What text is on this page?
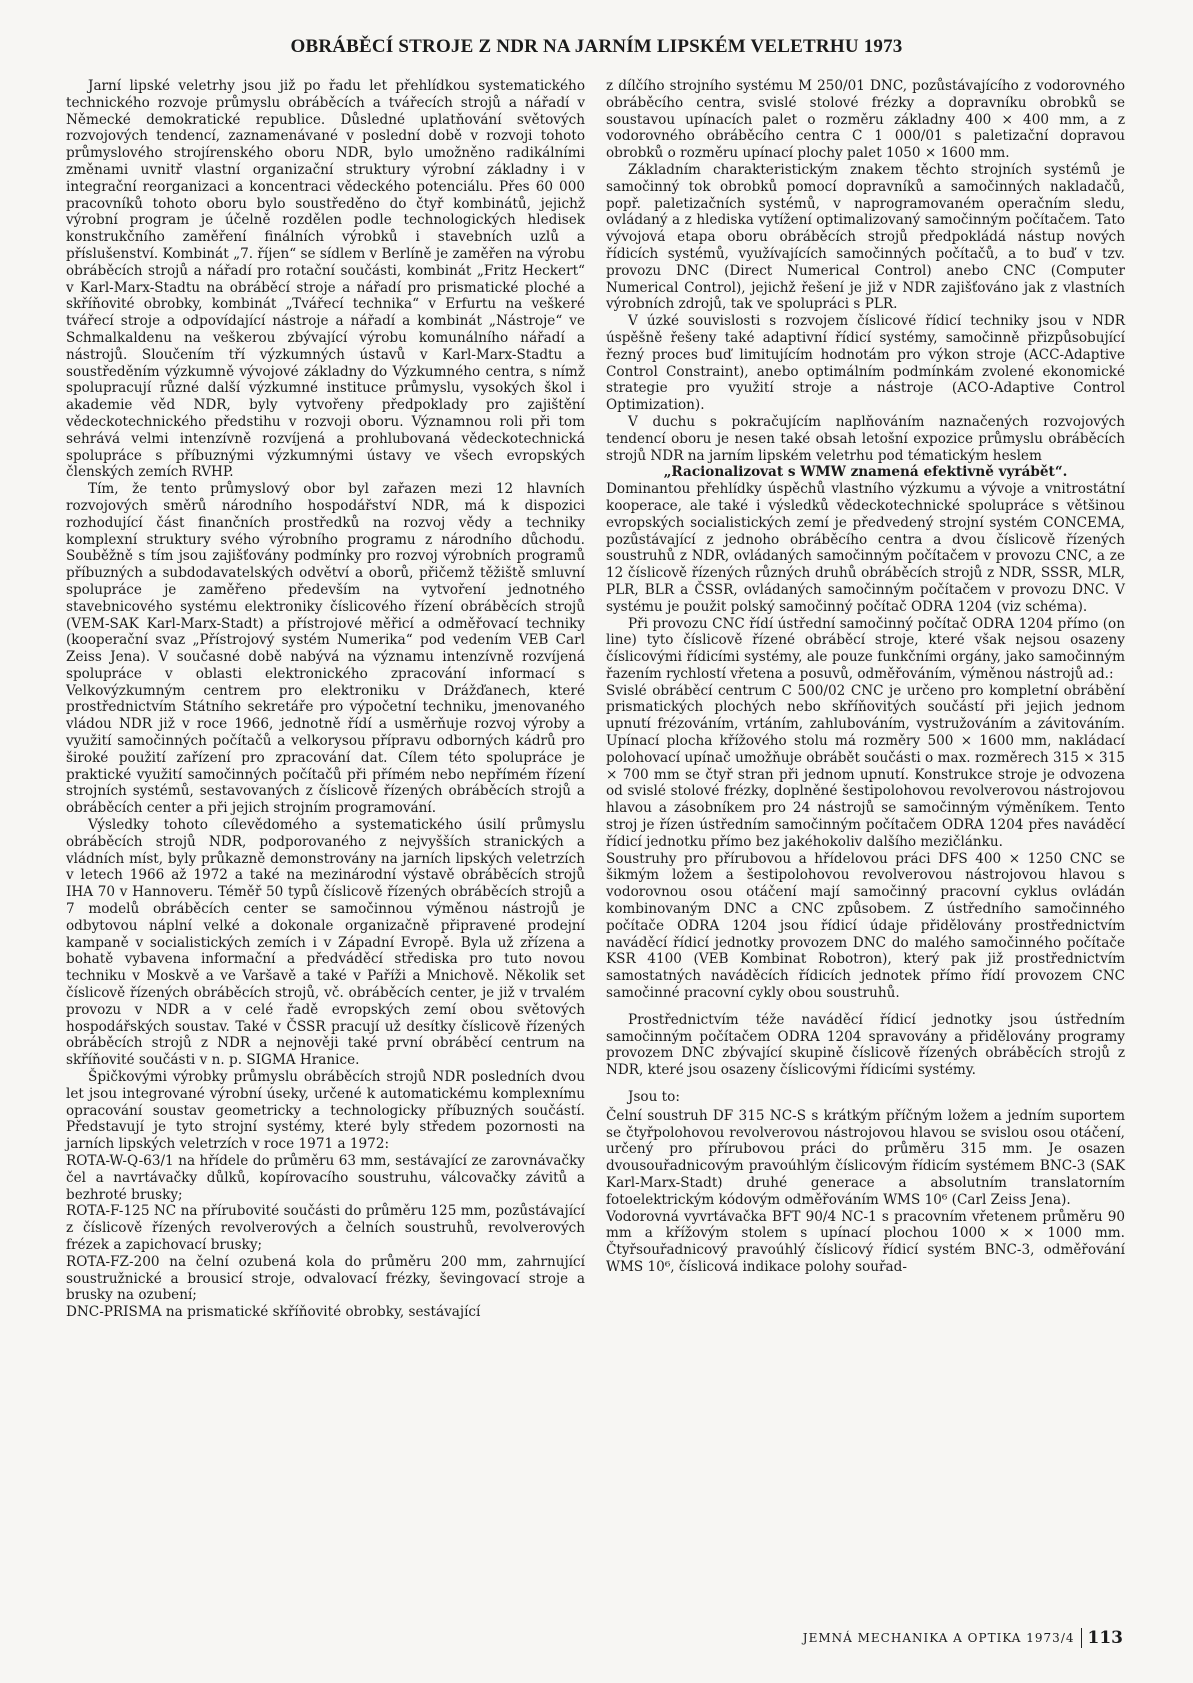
OBRÁBĚCÍ STROJE Z NDR NA JARNÍM LIPSKÉM VELETRHU 1973

Jarní lipské veletrhy jsou již po řadu let přehlídkou systematického technického rozvoje průmyslu obráběcích a tvářecích strojů a nářadí v Německé demokratické republice. Důsledné uplatňování světových rozvojových tendencí, zaznamenávané v poslední době v rozvoji tohoto průmyslového strojírenského oboru NDR, bylo umožněno radikálními změnami uvnitř vlastní organizační struktury výrobní základny i v integrační reorganizaci a koncentraci vědeckého potenciálu. Přes 60 000 pracovníků tohoto oboru bylo soustředěno do čtyř kombinátů, jejichž výrobní program je účelně rozdělen podle technologických hledisek konstrukčního zaměření finálních výrobků i stavebních uzlů a příslušenství. Kombinát „7. říjen“ se sídlem v Berlíně je zaměřen na výrobu obráběcích strojů a nářadí pro rotační součásti, kombinát „Fritz Heckert“ v Karl-Marx-Stadtu na obráběcí stroje a nářadí pro prismatické ploché a skříňovité obrobky, kombinát „Tvářecí technika“ v Erfurtu na veškeré tvářecí stroje a odpovídající nástroje a nářadí a kombinát „Nástroje“ ve Schmalkaldenu na veškerou zbývající výrobu komunálního nářadí a nástrojů. Sloučením tří výzkumných ústavů v Karl-Marx-Stadtu a soustředěním výzkumně vývojové základny do Výzkumného centra, s nímž spolupracují různé další výzkumné instituce průmyslu, vysokých škol i akademie věd NDR, byly vytvořeny předpoklady pro zajištění vědeckotechnického předstihu v rozvoji oboru. Významnou roli při tom sehrává velmi intenzívně rozvíjená a prohlubovaná vědeckotechnická spolupráce s příbuznými výzkumnými ústavy ve všech evropských členských zemích RVHP.

Tím, že tento průmyslový obor byl zařazen mezi 12 hlavních rozvojových směrů národního hospodářství NDR, má k dispozici rozhodující část finančních prostředků na rozvoj vědy a techniky komplexní struktury svého výrobního programu z národního důchodu. Souběžně s tím jsou zajišťovány podmínky pro rozvoj výrobních programů příbuzných a subdodavatelských odvětví a oborů, přičemž těžiště smluvní spolupráce je zaměřeno především na vytvoření jednotného stavebnicového systému elektroniky číslicového řízení obráběcích strojů (VEM-SAK Karl-Marx-Stadt) a přístrojové měřicí a odměřovací techniky (kooperační svaz „Přístrojový systém Numerika“ pod vedením VEB Carl Zeiss Jena). V současné době nabývá na významu intenzívně rozvíjená spolupráce v oblasti elektronického zpracování informací s Velkovýzkumným centrem pro elektroniku v Drážďanech, které prostřednictvím Státního sekretáře pro výpočetní techniku, jmenovaného vládou NDR již v roce 1966, jednotně řídí a usměrňuje rozvoj výroby a využití samočinných počítačů a velkorysou přípravu odborných kádrů pro široké použití zařízení pro zpracování dat. Cílem této spolupráce je praktické využití samočinných počítačů při přímém nebo nepřímém řízení strojních systémů, sestavovaných z číslicově řízených obráběcích strojů a obráběcích center a při jejich strojním programování.

Výsledky tohoto cílevědomého a systematického úsilí průmyslu obráběcích strojů NDR, podporovaného z nejvyšších stranických a vládních míst, byly průkazně demonstrovány na jarních lipských veletrzích v letech 1966 až 1972 a také na mezinárodní výstavě obráběcích strojů IHA 70 v Hannoveru. Téměř 50 typů číslicově řízených obráběcích strojů a 7 modelů obráběcích center se samočinnou výměnou nástrojů je odbytovou náplní velké a dokonale organizačně připravené prodejní kampaně v socialistických zemích i v Západní Evropě. Byla už zřízena a bohatě vybavena informační a předváděcí střediska pro tuto novou techniku v Moskvě a ve Varšavě a také v Paříži a Mnichově. Několik set číslicově řízených obráběcích strojů, vč. obráběcích center, je již v trvalém provozu v NDR a v celé řadě evropských zemí obou světových hospodářských soustav. Také v ČSSR pracují už desítky číslicově řízených obráběcích strojů z NDR a nejnověji také první obráběcí centrum na skříňovité součásti v n. p. SIGMA Hranice.

Špičkovými výrobky průmyslu obráběcích strojů NDR posledních dvou let jsou integrované výrobní úseky, určené k automatickému komplexnímu opracování soustav geometricky a technologicky příbuzných součástí. Představují je tyto strojní systémy, které byly středem pozornosti na jarních lipských veletrzích v roce 1971 a 1972:

ROTA-W-Q-63/1 na hřídele do průměru 63 mm, sestávající ze zarovnávačky čel a navrtávačky důlků, kopírovacího soustruhu, válcovačky závitů a bezhroté brusky;

ROTA-F-125 NC na přírubovité součásti do průměru 125 mm, pozůstávající z číslicově řízených revolverových a čelních soustruhů, revolverových frézek a zapichovací brusky;

ROTA-FZ-200 na čelní ozubená kola do průměru 200 mm, zahrnující soustružnické a brousicí stroje, odvalovací frézky, ševingovací stroje a brusky na ozubení;

DNC-PRISMA na prismatické skříňovité obrobky, sestávající

z dílčího strojního systému M 250/01 DNC, pozůstávajícího z vodorovného obráběcího centra, svislé stolové frézky a dopravníku obrobků se soustavou upínacích palet o rozměru základny 400 × 400 mm, a z vodorovného obráběcího centra C 1 000/01 s paletizační dopravou obrobků o rozměru upínací plochy palet 1050 × 1600 mm.

Základním charakteristickým znakem těchto strojních systémů je samočinný tok obrobků pomocí dopravníků a samočinných nakladačů, popř. paletizačních systémů, v naprogramovaném operačním sledu, ovládaný a z hlediska vytížení optimalizovaný samočinným počítačem. Tato vývojová etapa oboru obráběcích strojů předpokládá nástup nových řídicích systémů, využívajících samočinných počítačů, a to buď v tzv. provozu DNC (Direct Numerical Control) anebo CNC (Computer Numerical Control), jejichž řešení je již v NDR zajišťováno jak z vlastních výrobních zdrojů, tak ve spolupráci s PLR.

V úzké souvislosti s rozvojem číslicové řídicí techniky jsou v NDR úspěšně řešeny také adaptivní řídicí systémy, samočinně přizpůsobující řezný proces buď limitujícím hodnotám pro výkon stroje (ACC-Adaptive Control Constraint), anebo optimálním podmínkám zvolené ekonomické strategie pro využití stroje a nástroje (ACO-Adaptive Control Optimization).

V duchu s pokračujícím naplňováním naznačených rozvojových tendencí oboru je nesen také obsah letošní expozice průmyslu obráběcích strojů NDR na jarním lipském veletrhu pod tématickým heslem

„Racionalizovat s WMW znamená efektivně vyrábět“.

Dominantou přehlídky úspěchů vlastního výzkumu a vývoje a vnitrostátní kooperace, ale také i výsledků vědeckotechnické spolupráce s většinou evropských socialistických zemí je předvedený strojní systém CONCEMA, pozůstávající z jednoho obráběcího centra a dvou číslicově řízených soustruhů z NDR, ovládaných samočinným počítačem v provozu CNC, a ze 12 číslicově řízených různých druhů obráběcích strojů z NDR, SSSR, MLR, PLR, BLR a ČSSR, ovládaných samočinným počítačem v provozu DNC. V systému je použit polský samočinný počítač ODRA 1204 (viz schéma).

Při provozu CNC řídí ústřední samočinný počítač ODRA 1204 přímo (on line) tyto číslicově řízené obráběcí stroje, které však nejsou osazeny číslicovými řídicími systémy, ale pouze funkčními orgány, jako samočinným řazením rychlostí vřetena a posuvů, odměřováním, výměnou nástrojů ad.:

Svislé obráběcí centrum C 500/02 CNC je určeno pro kompletní obrábění prismatických plochých nebo skříňovitých součástí při jejich jednom upnutí frézováním, vrtáním, zahlubováním, vystružováním a závitováním. Upínací plocha křížového stolu má rozměry 500 × 1600 mm, nakládací polohovací upínač umožňuje obrábět součásti o max. rozměrech 315 × 315 × 700 mm se čtyř stran při jednom upnutí. Konstrukce stroje je odvozena od svislé stolové frézky, doplněné šestipolohovou revolverovou nástrojovou hlavou a zásobníkem pro 24 nástrojů se samočinným výměníkem. Tento stroj je řízen ústředním samočinným počítačem ODRA 1204 přes naváděcí řídicí jednotku přímo bez jakéhokoliv dalšího mezičlánku.

Soustruhy pro přírubovou a hřídelovou práci DFS 400 × 1250 CNC se šikmým ložem a šestipolohovou revolverovou nástrojovou hlavou s vodorovnou osou otáčení mají samočinný pracovní cyklus ovládán kombinovaným DNC a CNC způsobem. Z ústředního samočinného počítače ODRA 1204 jsou řídicí údaje přidělovány prostřednictvím naváděcí řídicí jednotky provozem DNC do malého samočinného počítače KSR 4100 (VEB Kombinat Robotron), který pak již prostřednictvím samostatných naváděcích řídicích jednotek přímo řídí provozem CNC samočinné pracovní cykly obou soustruhů.

Prostřednictvím téže naváděcí řídicí jednotky jsou ústředním samočinným počítačem ODRA 1204 spravovány a přidělovány programy provozem DNC zbývající skupině číslicově řízených obráběcích strojů z NDR, které jsou osazeny číslicovými řídicími systémy.

Jsou to:

Čelní soustruh DF 315 NC-S s krátkým příčným ložem a jedním suportem se čtyřpolohovou revolverovou nástrojovou hlavou se svislou osou otáčení, určený pro přírubovou práci do průměru 315 mm. Je osazen dvousouřadnicovým pravoúhlým číslicovým řídicím systémem BNC-3 (SAK Karl-Marx-Stadt) druhé generace a absolutním translatorním fotoelektrickým kódovým odměřováním WMS 10⁶ (Carl Zeiss Jena).

Vodorovná vyvrtávačka BFT 90/4 NC-1 s pracovním vřetenem průměru 90 mm a křížovým stolem s upínací plochou 1000 × × 1000 mm. Čtyřsouřadnicový pravoúhlý číslicový řídicí systém BNC-3, odměřování WMS 10⁶, číslicová indikace polohy souřad-

JEMNÁ MECHANIKA A OPTIKA 1973/4 113
